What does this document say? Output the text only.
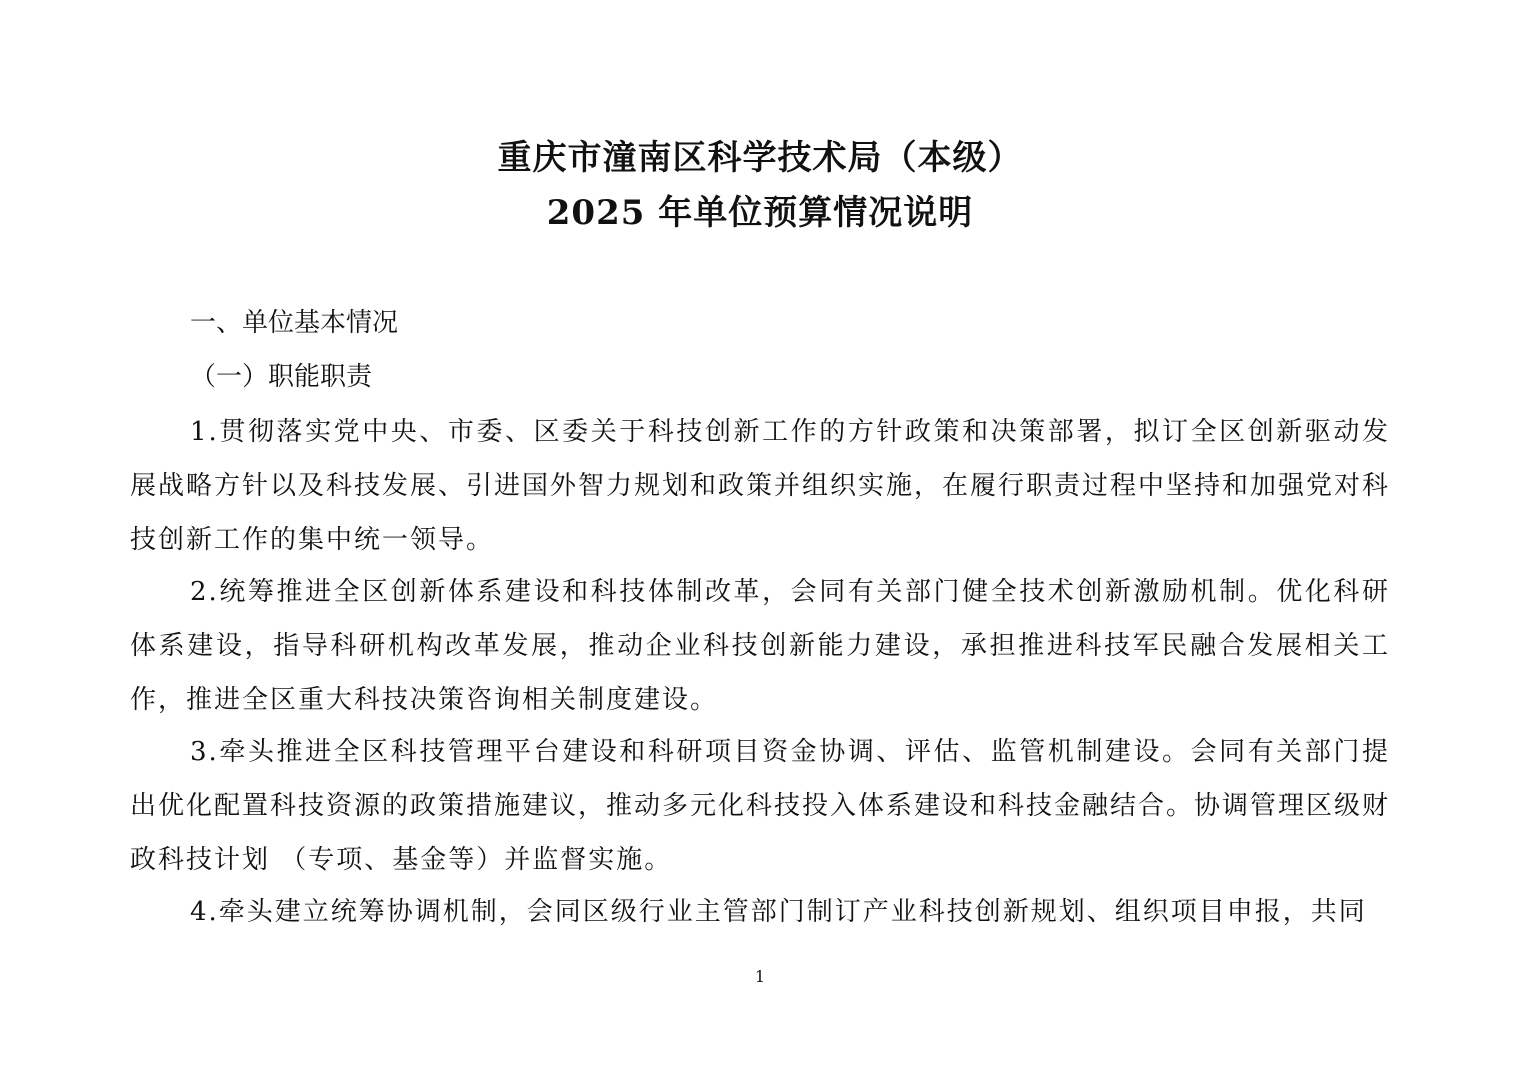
重庆市潼南区科学技术局（本级）
2025 年单位预算情况说明
一、单位基本情况
（一）职能职责

1.贯彻落实党中央、市委、区委关于科技创新工作的方针政策和决策部署，拟订全区创新驱动发展战略方针以及科技发展、引进国外智力规划和政策并组织实施，在履行职责过程中坚持和加强党对科技创新工作的集中统一领导。

2.统筹推进全区创新体系建设和科技体制改革，会同有关部门健全技术创新激励机制。优化科研体系建设，指导科研机构改革发展，推动企业科技创新能力建设，承担推进科技军民融合发展相关工作，推进全区重大科技决策咨询相关制度建设。

3.牵头推进全区科技管理平台建设和科研项目资金协调、评估、监管机制建设。会同有关部门提出优化配置科技资源的政策措施建议，推动多元化科技投入体系建设和科技金融结合。协调管理区级财政科技计划 （专项、基金等）并监督实施。

4.牵头建立统筹协调机制，会同区级行业主管部门制订产业科技创新规划、组织项目申报，共同

1
